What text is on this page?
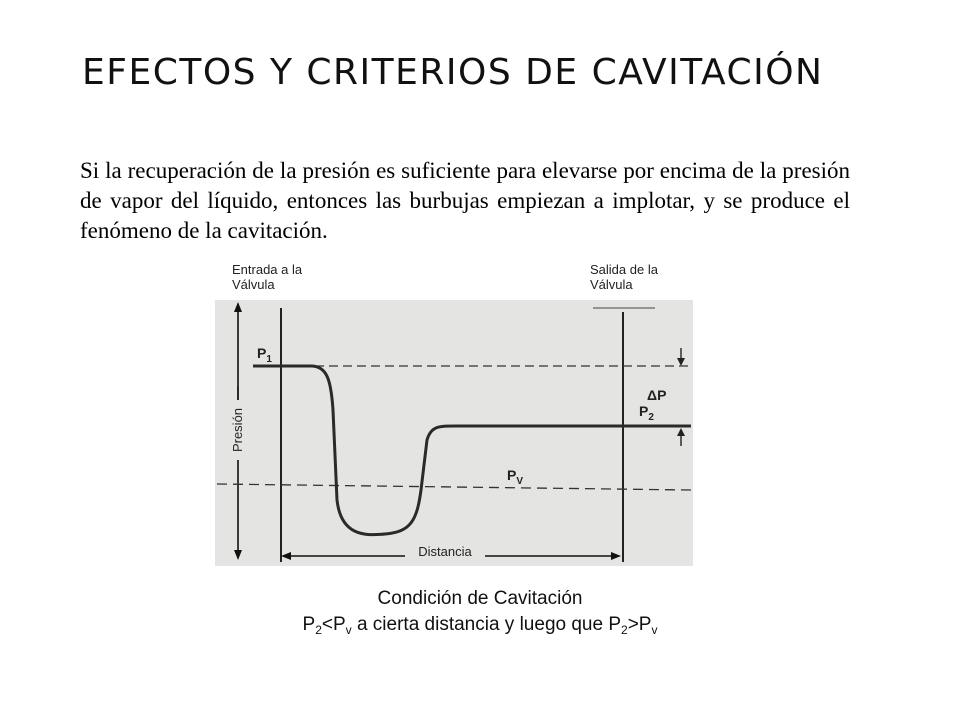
EFECTOS Y CRITERIOS DE CAVITACIÓN
Si la recuperación de la presión es suficiente para elevarse por encima de la presión de vapor del líquido, entonces las burbujas empiezan a implotar, y se produce el fenómeno de la cavitación.
Entrada a la
Válvula
Salida de la
Válvula
Presión
$P_1$
$P_2$
ΔP
$P_V$
Distancia
Condición de Cavitación
$P_2<P_v$ a cierta distancia y luego que $P_2>P_v$
